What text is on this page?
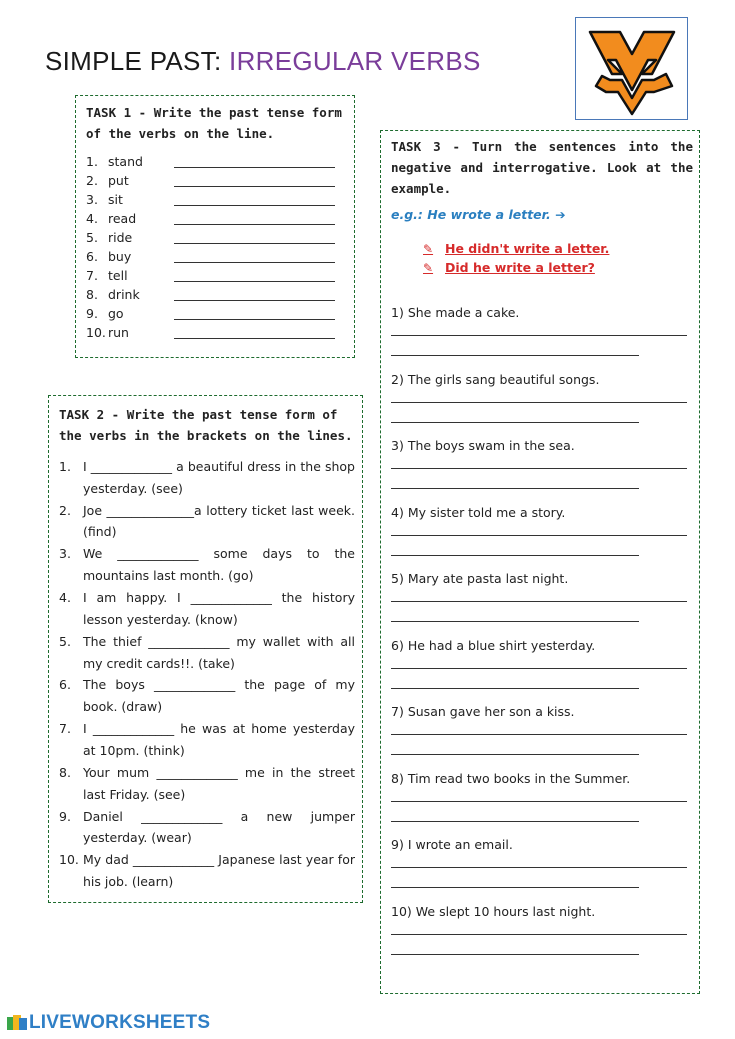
SIMPLE PAST: IRREGULAR VERBS
TASK 1 - Write the past tense form of the verbs on the line.
1. stand
2. put
3. sit
4. read
5. ride
6. buy
7. tell
8. drink
9. go
10. run
TASK 2 - Write the past tense form of the verbs in the brackets on the lines.
1. I _____________ a beautiful dress in the shop yesterday. (see)
2. Joe ______________a lottery ticket last week. (find)
3. We _____________ some days to the mountains last month. (go)
4. I am happy. I _____________ the history lesson yesterday. (know)
5. The thief _____________ my wallet with all my credit cards!!. (take)
6. The boys _____________ the page of my book. (draw)
7. I _____________ he was at home yesterday at 10pm. (think)
8. Your mum _____________ me in the street last Friday. (see)
9. Daniel _____________ a new jumper yesterday. (wear)
10. My dad _____________ Japanese last year for his job. (learn)
TASK 3 - Turn the sentences into the negative and interrogative. Look at the example.
e.g.: He wrote a letter. ➔
✎ He didn't write a letter.
✎ Did he write a letter?
1) She made a cake.
2) The girls sang beautiful songs.
3) The boys swam in the sea.
4) My sister told me a story.
5) Mary ate pasta last night.
6) He had a blue shirt yesterday.
7) Susan gave her son a kiss.
8) Tim read two books in the Summer.
9) I wrote an email.
10) We slept 10 hours last night.
LIVEWORKSHEETS
